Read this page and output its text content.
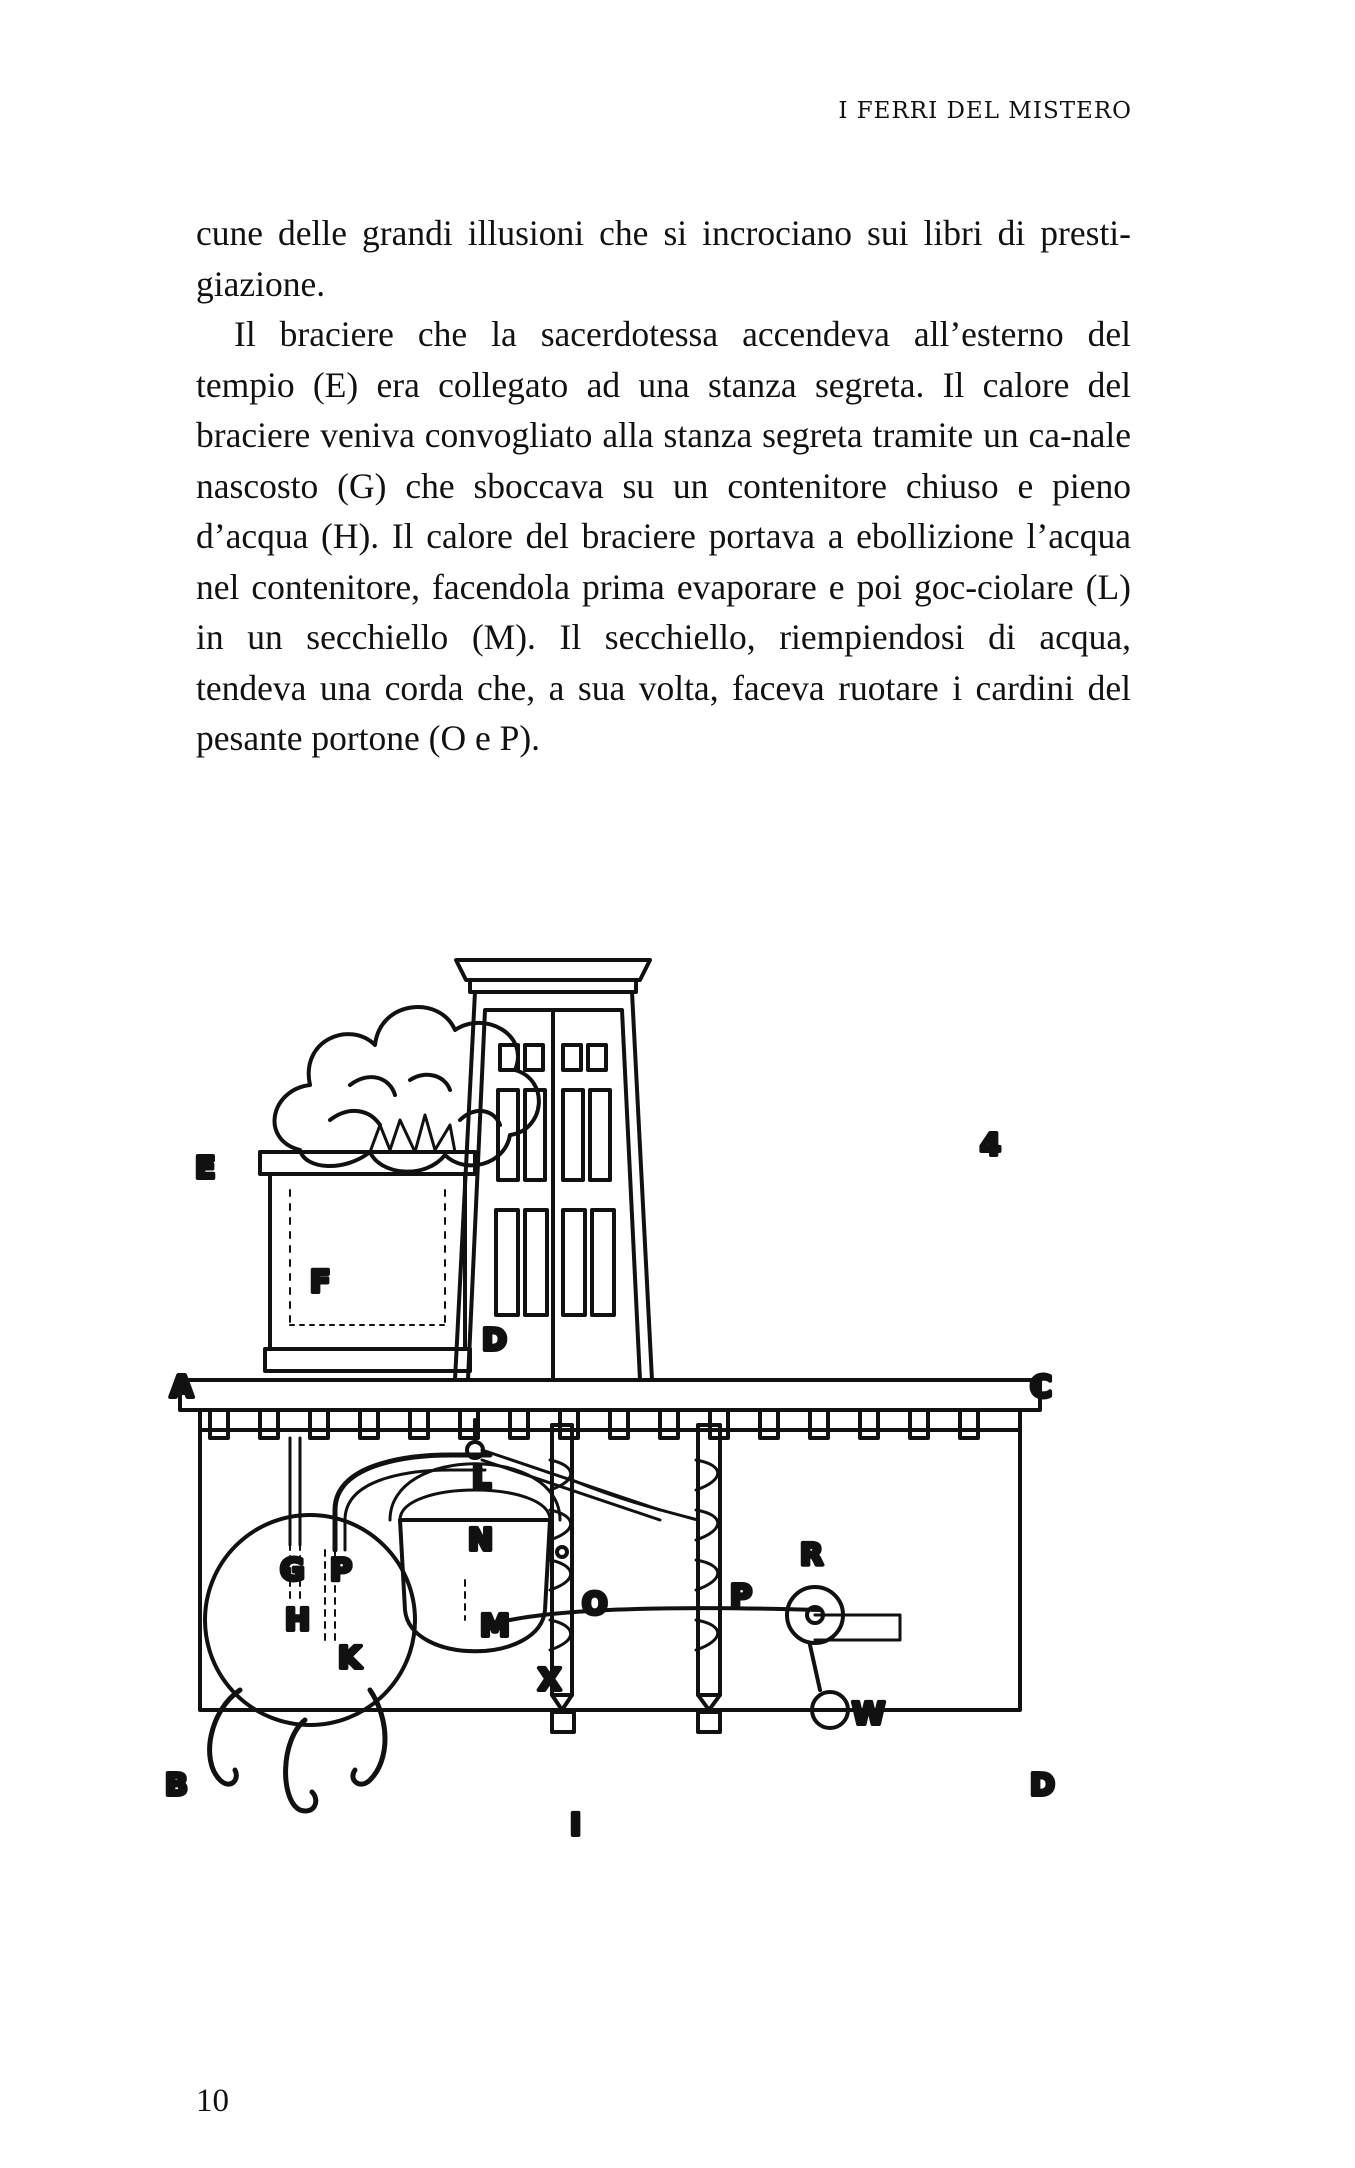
I FERRI DEL MISTERO

cune delle grandi illusioni che si incrociano sui libri di presti-giazione.

Il braciere che la sacerdotessa accendeva all’esterno del tempio (E) era collegato ad una stanza segreta. Il calore del braciere veniva convogliato alla stanza segreta tramite un ca-nale nascosto (G) che sboccava su un contenitore chiuso e pieno d’acqua (H). Il calore del braciere portava a ebollizione l’acqua nel contenitore, facendola prima evaporare e poi goc-ciolare (L) in un secchiello (M). Il secchiello, riempiendosi di acqua, tendeva una corda che, a sua volta, faceva ruotare i cardini del pesante portone (O e P).

E
F
D
A	C
L
N
G P
H
K
M
O	P
R
X
W
B	D
I
4
10
